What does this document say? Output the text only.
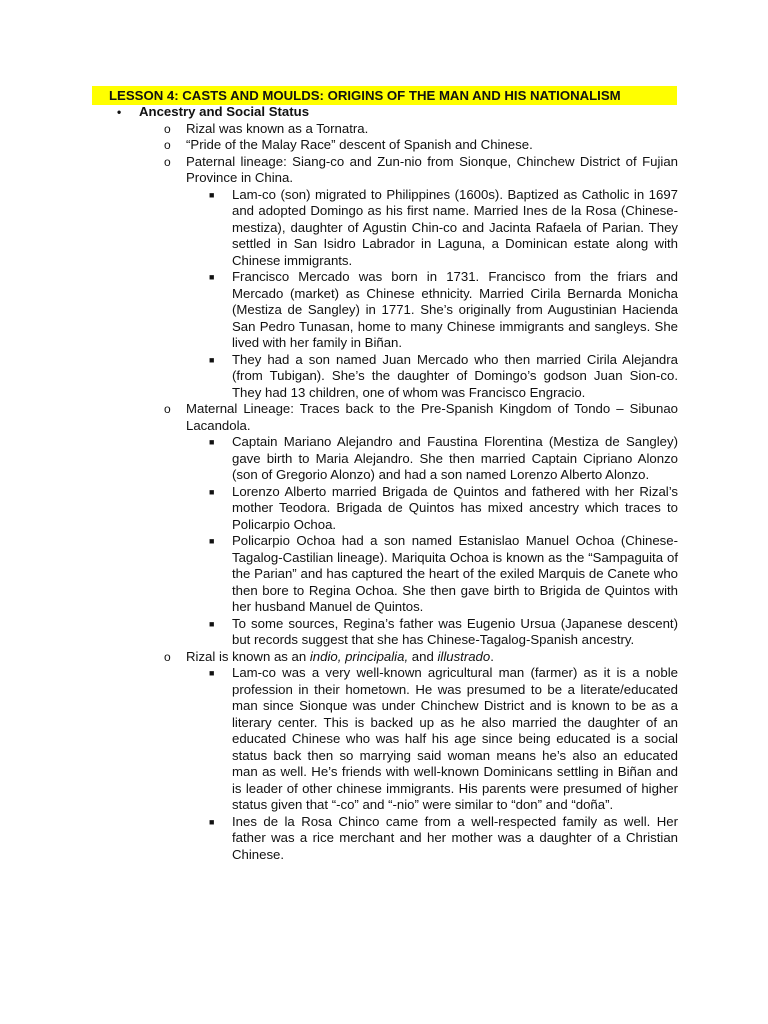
LESSON 4: CASTS AND MOULDS: ORIGINS OF THE MAN AND HIS NATIONALISM
• Ancestry and Social Status
o Rizal was known as a Tornatra.
o “Pride of the Malay Race” descent of Spanish and Chinese.
o Paternal lineage: Siang-co and Zun-nio from Sionque, Chinchew District of Fujian Province in China.
■ Lam-co (son) migrated to Philippines (1600s). Baptized as Catholic in 1697 and adopted Domingo as his first name. Married Ines de la Rosa (Chinese-mestiza), daughter of Agustin Chin-co and Jacinta Rafaela of Parian. They settled in San Isidro Labrador in Laguna, a Dominican estate along with Chinese immigrants.
■ Francisco Mercado was born in 1731. Francisco from the friars and Mercado (market) as Chinese ethnicity. Married Cirila Bernarda Monicha (Mestiza de Sangley) in 1771. She’s originally from Augustinian Hacienda San Pedro Tunasan, home to many Chinese immigrants and sangleys. She lived with her family in Biñan.
■ They had a son named Juan Mercado who then married Cirila Alejandra (from Tubigan). She’s the daughter of Domingo’s godson Juan Sion-co. They had 13 children, one of whom was Francisco Engracio.
o Maternal Lineage: Traces back to the Pre-Spanish Kingdom of Tondo – Sibunao Lacandola.
■ Captain Mariano Alejandro and Faustina Florentina (Mestiza de Sangley) gave birth to Maria Alejandro. She then married Captain Cipriano Alonzo (son of Gregorio Alonzo) and had a son named Lorenzo Alberto Alonzo.
■ Lorenzo Alberto married Brigada de Quintos and fathered with her Rizal’s mother Teodora. Brigada de Quintos has mixed ancestry which traces to Policarpio Ochoa.
■ Policarpio Ochoa had a son named Estanislao Manuel Ochoa (Chinese-Tagalog-Castilian lineage). Mariquita Ochoa is known as the “Sampaguita of the Parian” and has captured the heart of the exiled Marquis de Canete who then bore to Regina Ochoa. She then gave birth to Brigida de Quintos with her husband Manuel de Quintos.
■ To some sources, Regina’s father was Eugenio Ursua (Japanese descent) but records suggest that she has Chinese-Tagalog-Spanish ancestry.
o Rizal is known as an indio, principalia, and illustrado.
■ Lam-co was a very well-known agricultural man (farmer) as it is a noble profession in their hometown. He was presumed to be a literate/educated man since Sionque was under Chinchew District and is known to be as a literary center. This is backed up as he also married the daughter of an educated Chinese who was half his age since being educated is a social status back then so marrying said woman means he’s also an educated man as well. He’s friends with well-known Dominicans settling in Biñan and is leader of other chinese immigrants. His parents were presumed of higher status given that “-co” and “-nio” were similar to “don” and “doña”.
■ Ines de la Rosa Chinco came from a well-respected family as well. Her father was a rice merchant and her mother was a daughter of a Christian Chinese.
